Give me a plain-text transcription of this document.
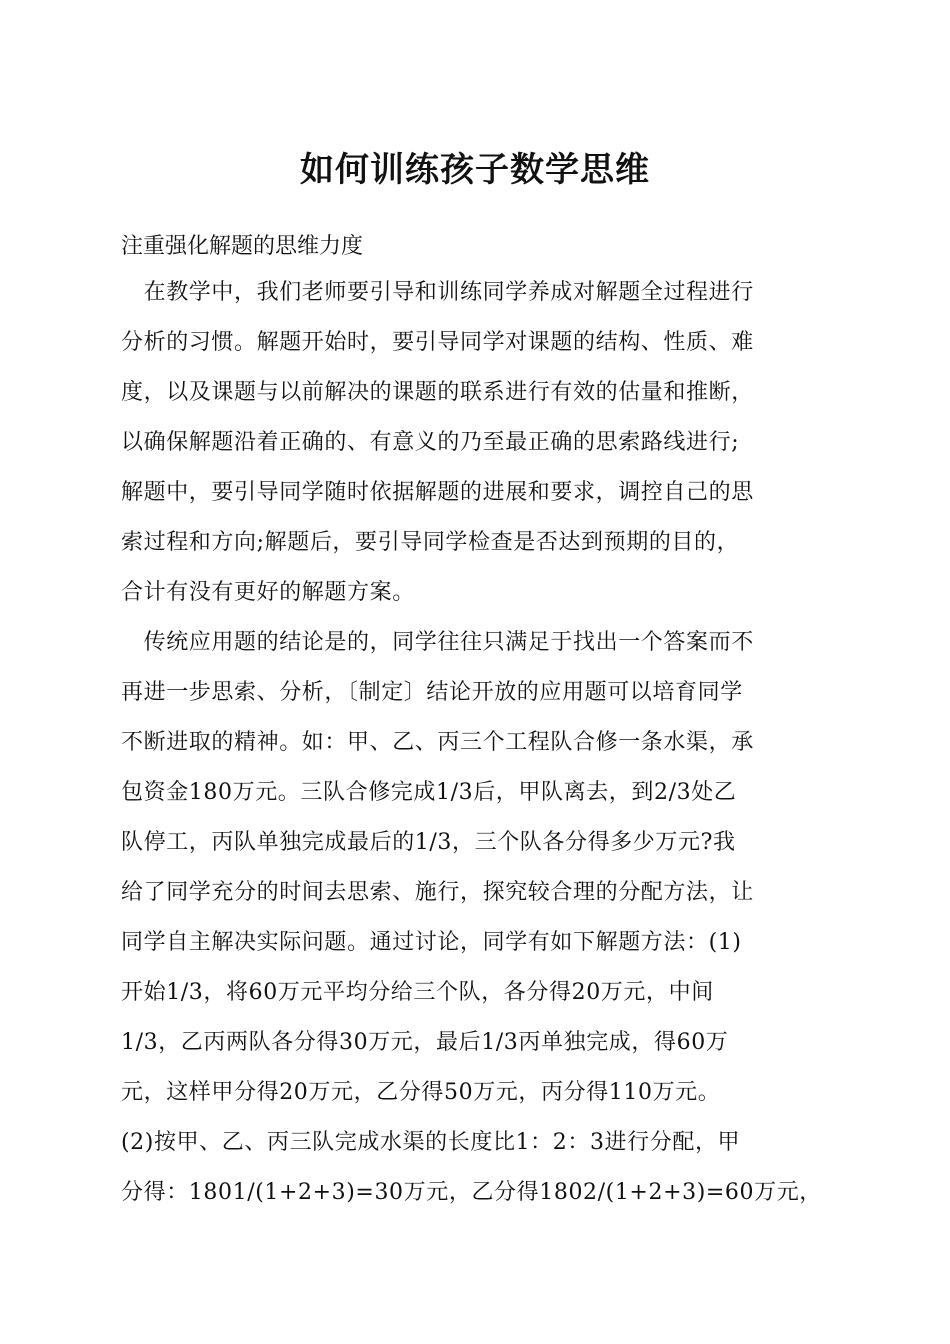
如何训练孩子数学思维

注重强化解题的思维力度

　在教学中，我们老师要引导和训练同学养成对解题全过程进行

分析的习惯。解题开始时，要引导同学对课题的结构、性质、难

度，以及课题与以前解决的课题的联系进行有效的估量和推断，

以确保解题沿着正确的、有意义的乃至最正确的思索路线进行;

解题中，要引导同学随时依据解题的进展和要求，调控自己的思

索过程和方向;解题后，要引导同学检查是否达到预期的目的，

合计有没有更好的解题方案。

　传统应用题的结论是的，同学往往只满足于找出一个答案而不

再进一步思索、分析，〔制定〕结论开放的应用题可以培育同学

不断进取的精神。如：甲、乙、丙三个工程队合修一条水渠，承

包资金180万元。三队合修完成1/3后，甲队离去，到2/3处乙

队停工，丙队单独完成最后的1/3，三个队各分得多少万元?我

给了同学充分的时间去思索、施行，探究较合理的分配方法，让

同学自主解决实际问题。通过讨论，同学有如下解题方法：(1)

开始1/3，将60万元平均分给三个队，各分得20万元，中间

1/3，乙丙两队各分得30万元，最后1/3丙单独完成，得60万

元，这样甲分得20万元，乙分得50万元，丙分得110万元。

(2)按甲、乙、丙三队完成水渠的长度比1：2：3进行分配，甲

分得：1801/(1+2+3)=30万元，乙分得1802/(1+2+3)=60万元，
